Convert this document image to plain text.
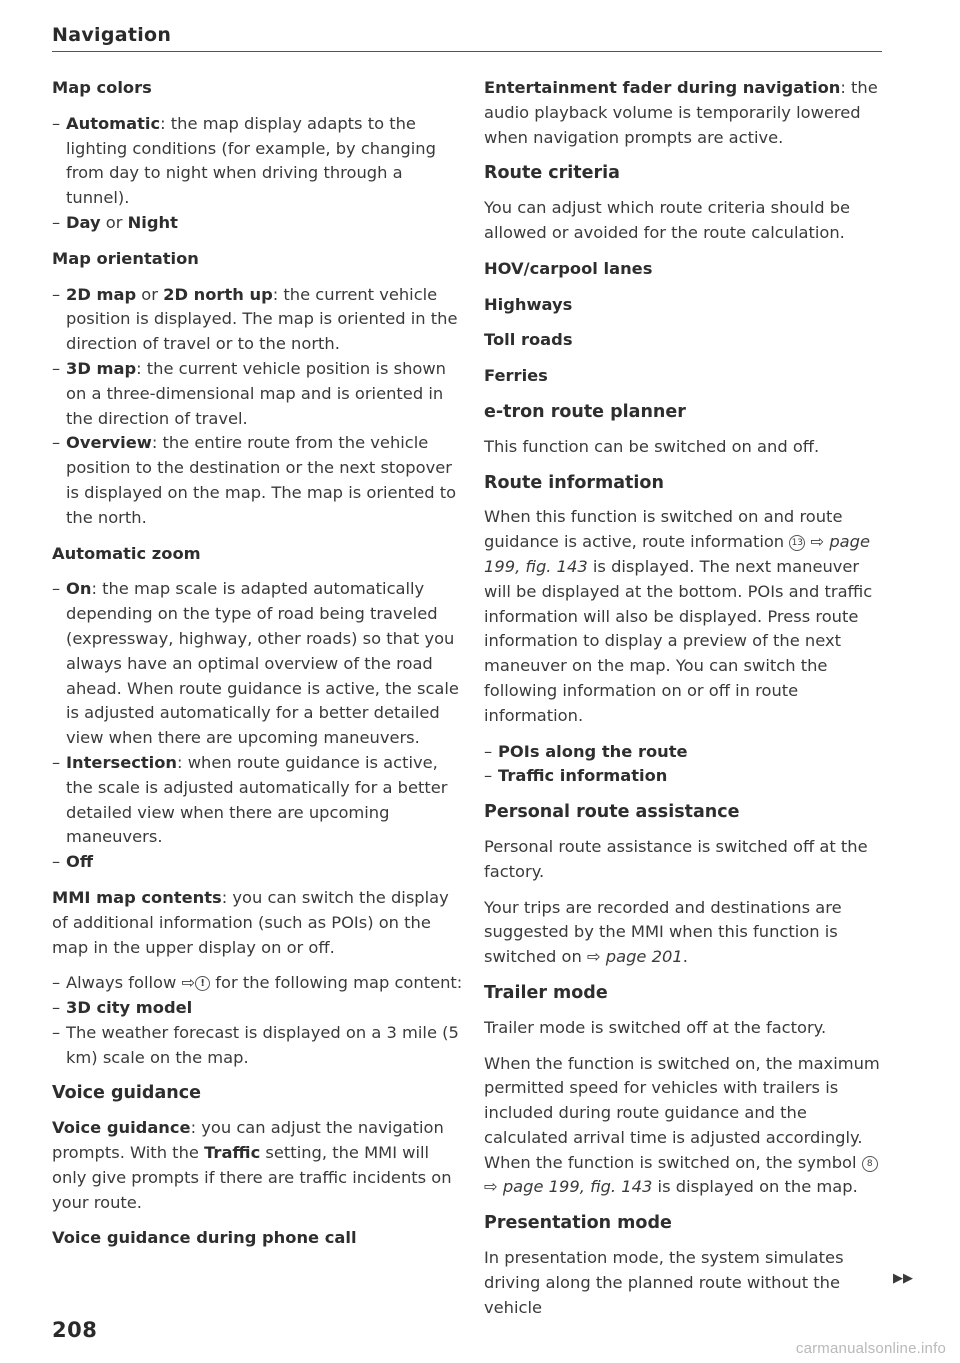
Navigation
Map colors
– Automatic: the map display adapts to the lighting conditions (for example, by changing from day to night when driving through a tunnel).
– Day or Night
Map orientation
– 2D map or 2D north up: the current vehicle position is displayed. The map is oriented in the direction of travel or to the north.
– 3D map: the current vehicle position is shown on a three-dimensional map and is oriented in the direction of travel.
– Overview: the entire route from the vehicle position to the destination or the next stopover is displayed on the map. The map is oriented to the north.
Automatic zoom
– On: the map scale is adapted automatically depending on the type of road being traveled (expressway, highway, other roads) so that you always have an optimal overview of the road ahead. When route guidance is active, the scale is adjusted automatically for a better detailed view when there are upcoming maneuvers.
– Intersection: when route guidance is active, the scale is adjusted automatically for a better detailed view when there are upcoming maneuvers.
– Off

MMI map contents: you can switch the display of additional information (such as POIs) on the map in the upper display on or off.

– Always follow ⇨ ! for the following map content:
– 3D city model
– The weather forecast is displayed on a 3 mile (5 km) scale on the map.
Voice guidance

Voice guidance: you can adjust the navigation prompts. With the Traffic setting, the MMI will only give prompts if there are traffic incidents on your route.

Voice guidance during phone call

Entertainment fader during navigation: the audio playback volume is temporarily lowered when navigation prompts are active.

Route criteria

You can adjust which route criteria should be allowed or avoided for the route calculation.

HOV/carpool lanes
Highways
Toll roads
Ferries
e-tron route planner

This function can be switched on and off.

Route information

When this function is switched on and route guidance is active, route information 13 ⇨ page 199, fig. 143 is displayed. The next maneuver will be displayed at the bottom. POIs and traffic information will also be displayed. Press route information to display a preview of the next maneuver on the map. You can switch the following information on or off in route information.

– POIs along the route
– Traffic information
Personal route assistance

Personal route assistance is switched off at the factory.

Your trips are recorded and destinations are suggested by the MMI when this function is switched on ⇨ page 201.

Trailer mode

Trailer mode is switched off at the factory.

When the function is switched on, the maximum permitted speed for vehicles with trailers is included during route guidance and the calculated arrival time is adjusted accordingly. When the function is switched on, the symbol 8 ⇨ page 199, fig. 143 is displayed on the map.

Presentation mode

In presentation mode, the system simulates driving along the planned route without the vehicle

▶▶
208
carmanualsonline.info
